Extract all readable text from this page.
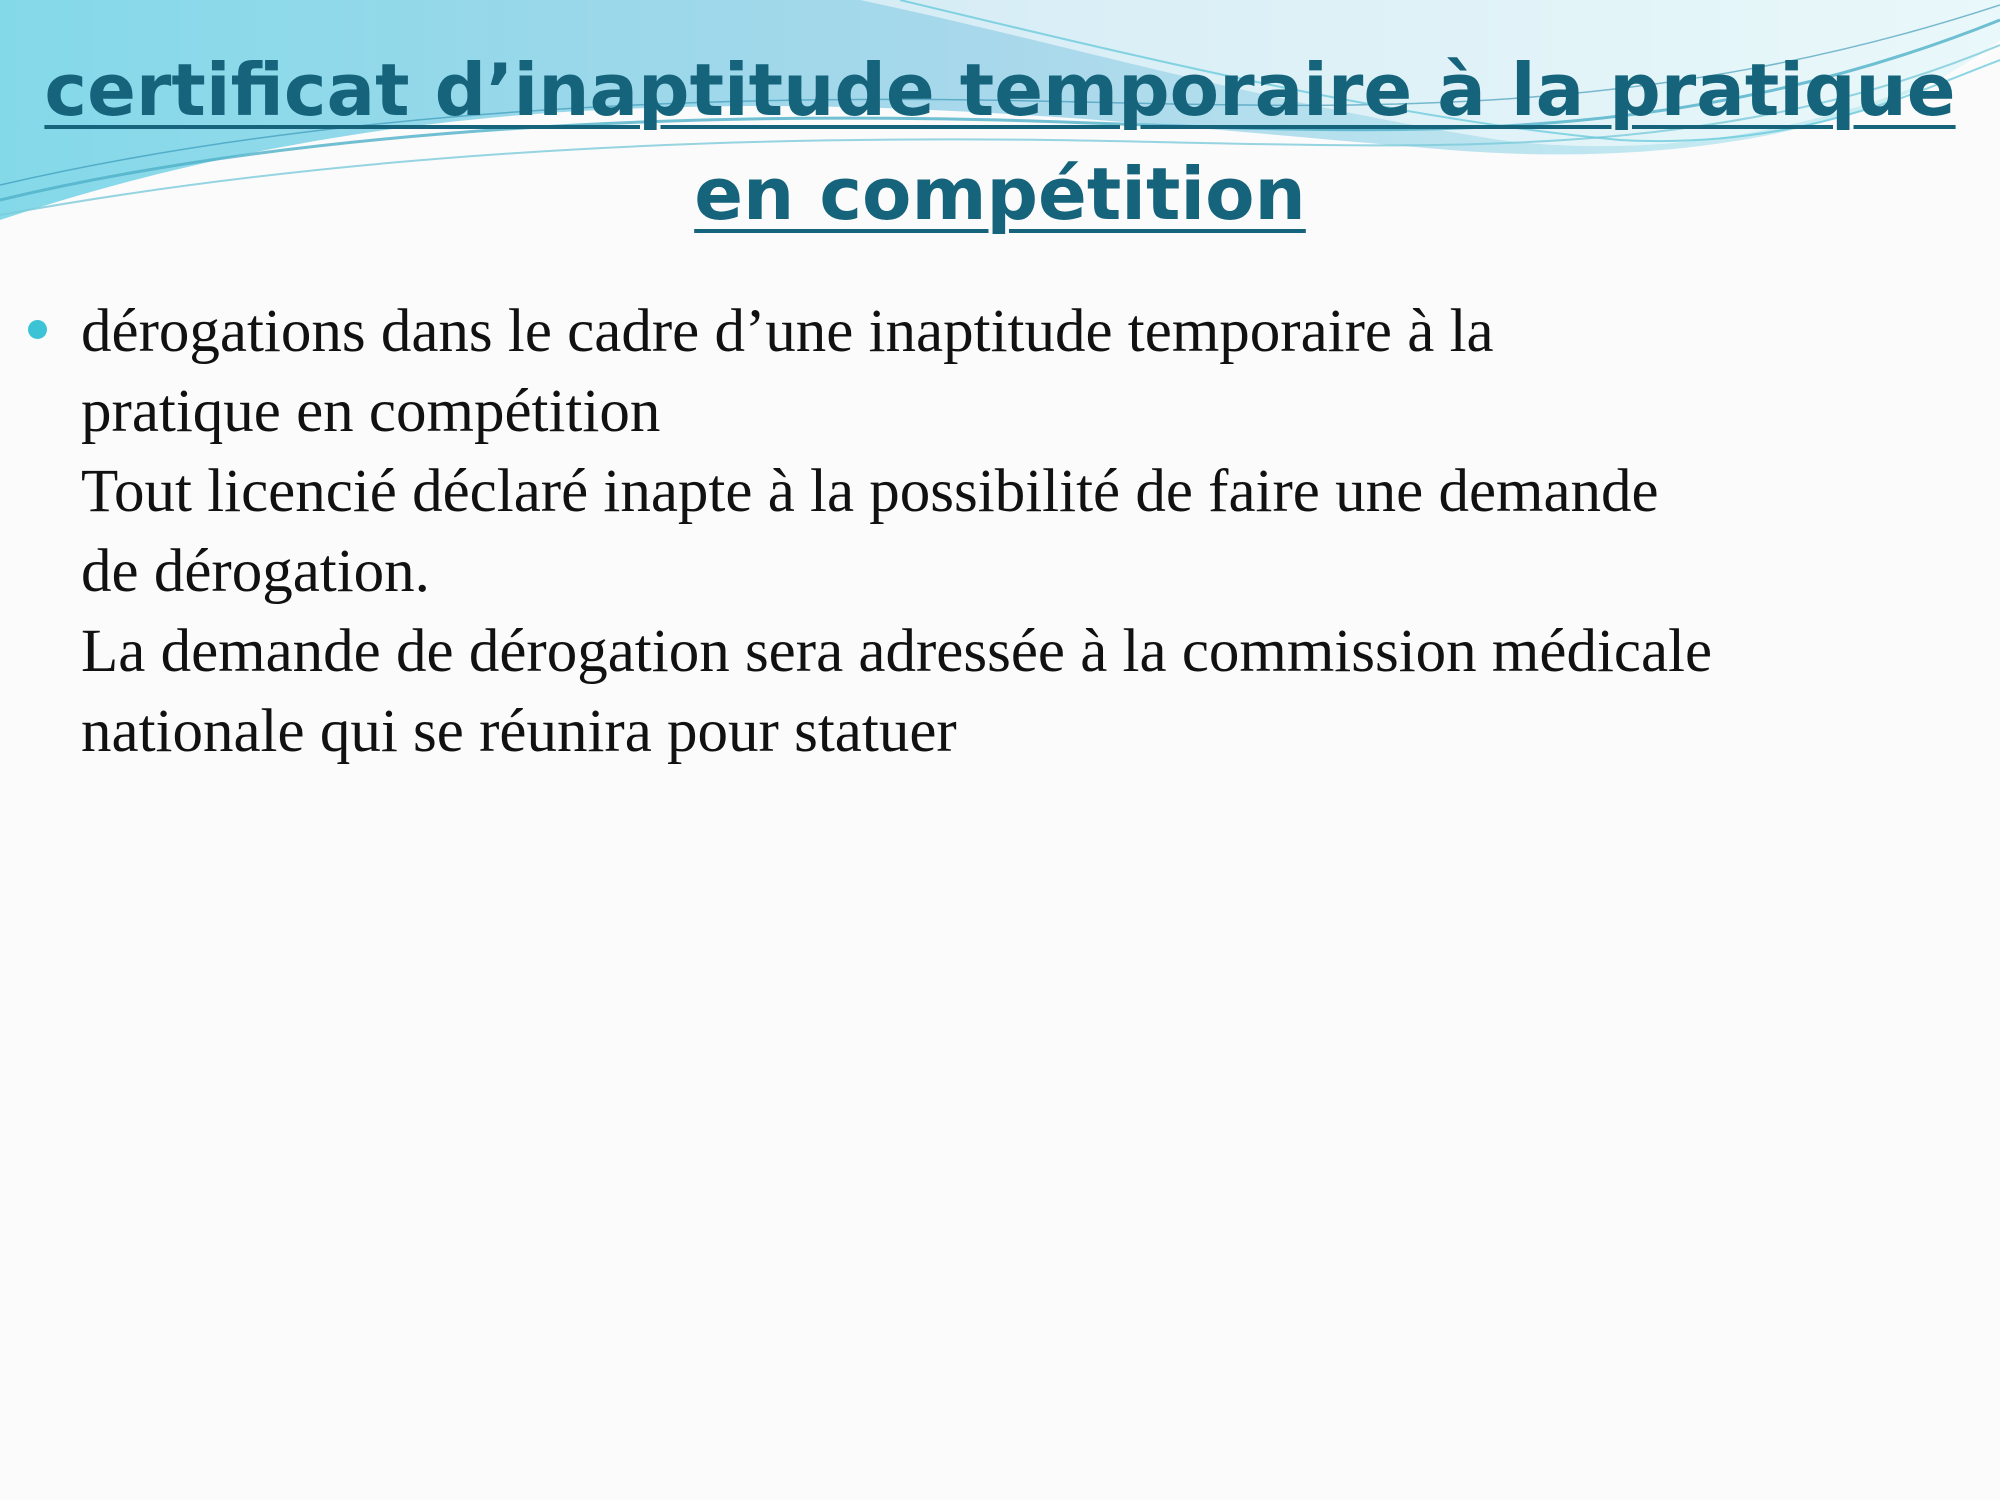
certificat d’inaptitude temporaire à la pratique en compétition
dérogations dans le cadre d’une inaptitude temporaire à la
pratique en compétition
Tout licencié déclaré inapte à la possibilité de faire une demande
de dérogation.
La demande de dérogation sera adressée à la commission médicale
nationale qui se réunira pour statuer
